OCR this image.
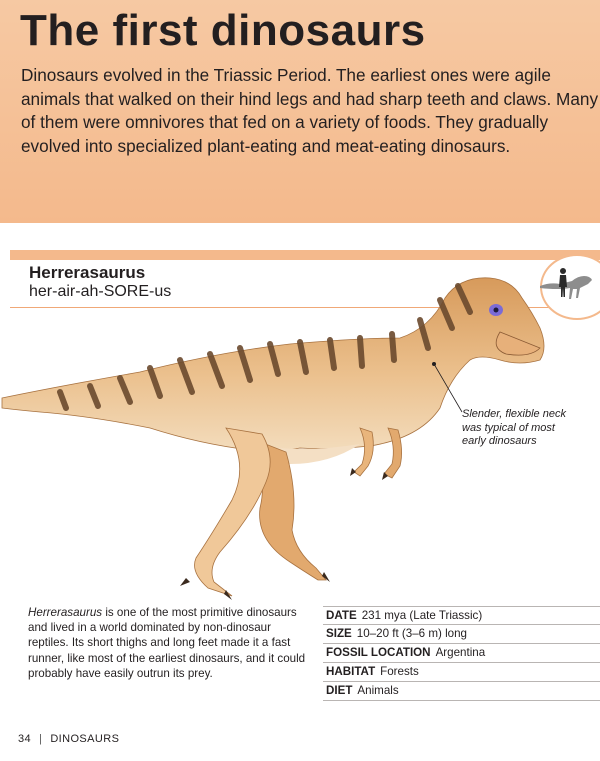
The first dinosaurs

Dinosaurs evolved in the Triassic Period. The earliest ones were agile animals that walked on their hind legs and had sharp teeth and claws. Many of them were omnivores that fed on a variety of foods. They gradually evolved into specialized plant-eating and meat-eating dinosaurs.

Herrerasaurus
her-air-ah-SORE-us
Slender, flexible neck was typical of most early dinosaurs

Herrerasaurus is one of the most primitive dinosaurs and lived in a world dominated by non-dinosaur reptiles. Its short thighs and long feet made it a fast runner, like most of the earliest dinosaurs, and it could probably have easily outrun its prey.

DATE 231 mya (Late Triassic)
SIZE 10–20 ft (3–6 m) long
FOSSIL LOCATION Argentina
HABITAT Forests
DIET Animals
34 | DINOSAURS
